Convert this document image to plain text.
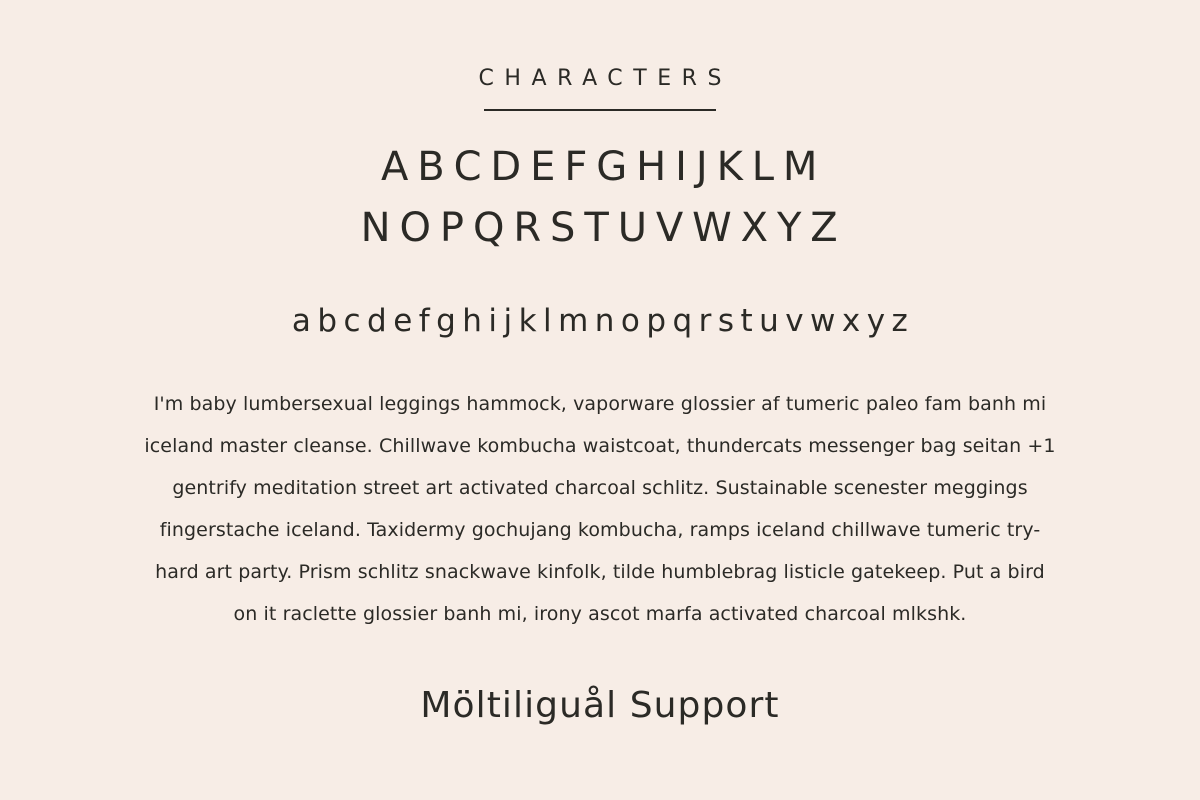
CHARACTERS
A B C D E F G H I J K L M
N O P Q R S T U V W X Y Z
a b c d e f g h i j k l m n o p q r s t u v w x y z
I'm baby lumbersexual leggings hammock, vaporware glossier af tumeric paleo fam banh mi
iceland master cleanse. Chillwave kombucha waistcoat, thundercats messenger bag seitan +1
gentrify meditation street art activated charcoal schlitz. Sustainable scenester meggings
fingerstache iceland. Taxidermy gochujang kombucha, ramps iceland chillwave tumeric try-
hard art party. Prism schlitz snackwave kinfolk, tilde humblebrag listicle gatekeep. Put a bird
on it raclette glossier banh mi, irony ascot marfa activated charcoal mlkshk.
Möltiliguål Support
